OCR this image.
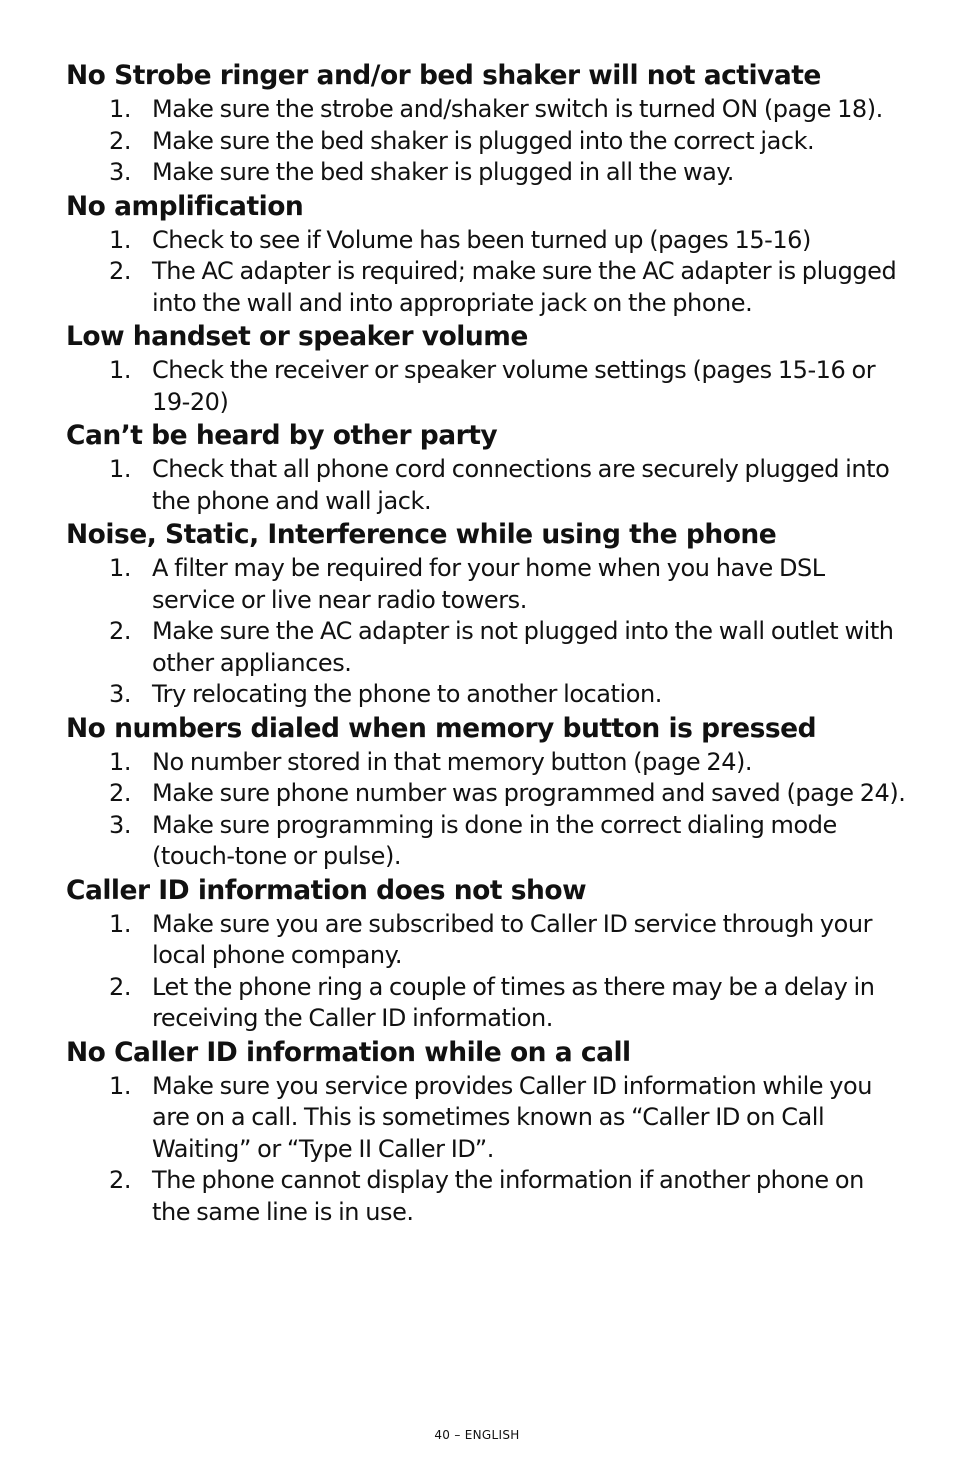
No Strobe ringer and/or bed shaker will not activate
1. Make sure the strobe and/shaker switch is turned ON (page 18).
2. Make sure the bed shaker is plugged into the correct jack.
3. Make sure the bed shaker is plugged in all the way.
No amplification
1. Check to see if Volume has been turned up (pages 15-16)
2. The AC adapter is required; make sure the AC adapter is plugged into the wall and into appropriate jack on the phone.
Low handset or speaker volume
1. Check the receiver or speaker volume settings (pages 15-16 or 19-20)
Can’t be heard by other party
1. Check that all phone cord connections are securely plugged into the phone and wall jack.
Noise, Static, Interference while using the phone
1. A filter may be required for your home when you have DSL service or live near radio towers.
2. Make sure the AC adapter is not plugged into the wall outlet with other appliances.
3. Try relocating the phone to another location.
No numbers dialed when memory button is pressed
1. No number stored in that memory button (page 24).
2. Make sure phone number was programmed and saved (page 24).
3. Make sure programming is done in the correct dialing mode (touch-tone or pulse).
Caller ID information does not show
1. Make sure you are subscribed to Caller ID service through your local phone company.
2. Let the phone ring a couple of times as there may be a delay in receiving the Caller ID information.
No Caller ID information while on a call
1. Make sure you service provides Caller ID information while you are on a call. This is sometimes known as “Caller ID on Call Waiting” or “Type II Caller ID”.
2. The phone cannot display the information if another phone on the same line is in use.
40 – ENGLISH
